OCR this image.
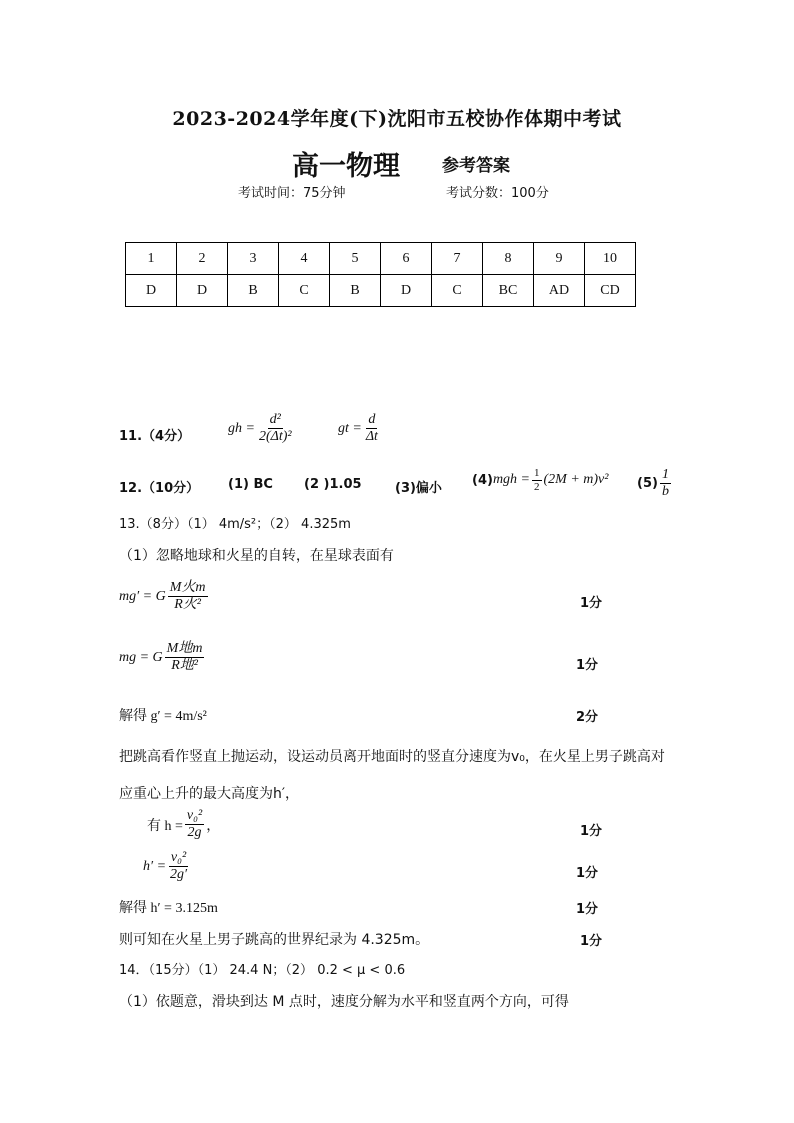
2023-2024学年度(下)沈阳市五校协作体期中考试
高一物理 参考答案
考试时间：75分钟	考试分数：100分
1	2	3	4	5	6	7	8	9	10
D	D	B	C	B	D	C	BC	AD	CD
11.（4分）
gh = $\frac{\text{d²}}{\text{2(Δt)²}}$	gt = $\frac{d}{\Delta t}$
12.（10分） (1) BC (2 )1.05	(3)偏小
(4) mgh = $\frac{1}{2} (2M + m)v^2$ $(5) \frac{1}{b}$
13.（8分）（1） 4m/s²；（2） 4.325m
（1）忽略地球和火星的自转，在星球表面有
mg′ = G $\frac{\text{M火m}}{\text{R火²}}$	1分
mg = G $\frac{\text{M地m}}{\text{R地²}}$	1分
解得 g′ = 4m/s²	2分
把跳高看作竖直上抛运动，设运动员离开地面时的竖直分速度为v₀，在火星上男子跳高对
应重心上升的最大高度为h′，
有 $h = \frac{\text{v₀²}}{2g}$ ，	1分
$h' = \frac{\text{v₀²}}{2g'}$	1分
解得 h′ = 3.125m	1分
则可知在火星上男子跳高的世界纪录为 4.325m。	1分
14．（15分）（1） 24.4 N；（2） 0.2 < μ < 0.6
（1）依题意，滑块到达 M 点时，速度分解为水平和竖直两个方向，可得
